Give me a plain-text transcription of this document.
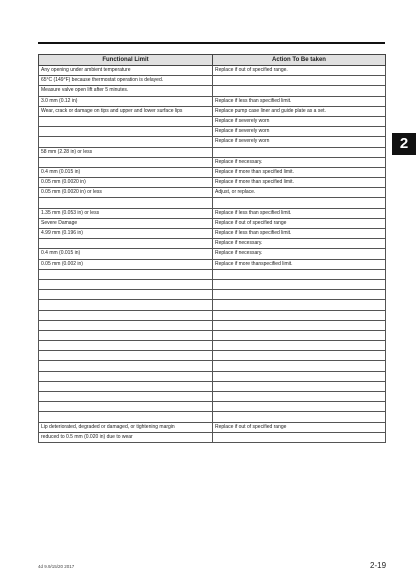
Functional Limit	Action To Be taken
Any opening under ambient temperature	Replace if out of specified range.
65°C (149°F) because thermostat operation is delayed.	
Measure valve open lift after 5 minutes.	
3.0 mm (0.12 in)	Replace if less than specified limit.
Wear, crack or damage on tips and upper and lower surface lips	Replace pump case liner and guide plate as a set.
	Replace if severely worn
	Replace if severely worn
	Replace if severely worn
58 mm (2.28 in) or less	
	Replace if necessary.
0.4 mm (0.015 in)	Replace if more than specified limit.
0.05 mm (0.0020 in)	Replace if more than specified limit.
0.05 mm (0.0020 in) or less	Adjust, or replace.

1.35 mm (0.053 in) or less	Replace if less than specified limit.
Severe Damage	Replace if out of specified range
4.99 mm (0.196 in)	Replace if less than specified limit.
	Replace if necessary.
0.4 mm (0.015 in)	Replace if necessary.
0.05 mm (0.002 in)	Replace if more thanspecified limit.

Lip deteriorated, degraded or damaged, or tightening margin	Replace if out of specified range
reduced to 0.5 mm (0.020 in) due to wear	
2
4d 9.9/15/20 2017	2-19
